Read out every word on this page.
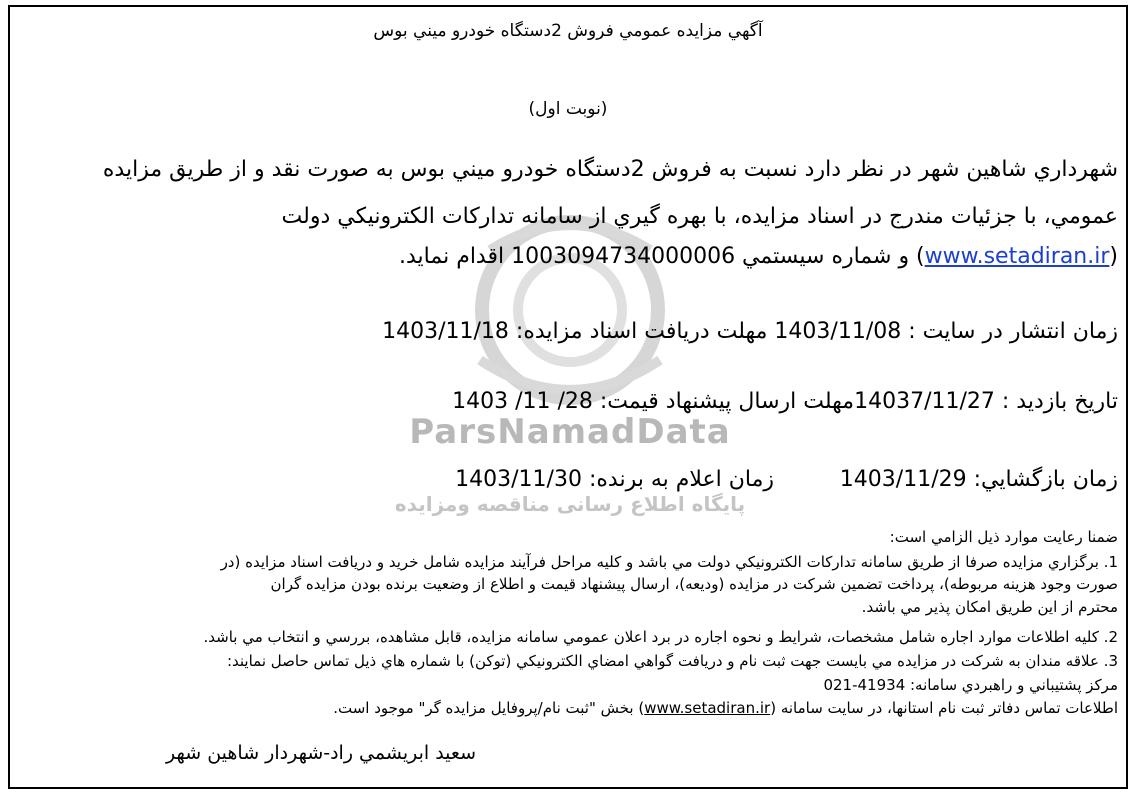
ParsNamadData
پايگاه اطلاع رسانی مناقصه ومزايده
آگهي مزايده عمومي فروش 2دستگاه خودرو ميني بوس
(نوبت اول)
شهرداري شاهين شهر در نظر دارد نسبت به فروش 2دستگاه خودرو ميني بوس به صورت نقد و از طريق مزايده
عمومي، با جزئيات مندرج در اسناد مزايده، با بهره گيري از سامانه تداركات الكترونيكي دولت
(www.setadiran.ir) و شماره سيستمي 1003094734000006 اقدام نمايد.
زمان انتشار در سايت : 1403/11/08 مهلت دريافت اسناد مزايده: 1403/11/18
تاريخ بازديد : 14037/11/27مهلت ارسال پيشنهاد قيمت: 28/ 11/ 1403
زمان بازگشايي: 1403/11/29
زمان اعلام به برنده: 1403/11/30
ضمنا رعايت موارد ذيل الزامي است:
1. برگزاري مزايده صرفا از طريق سامانه تداركات الكترونيكي دولت مي باشد و كليه مراحل فرآيند مزايده شامل خريد و دريافت اسناد مزايده (در
صورت وجود هزينه مربوطه)، پرداخت تضمين شركت در مزايده (وديعه)، ارسال پيشنهاد قيمت و اطلاع از وضعيت برنده بودن مزايده گران
محترم از اين طريق امكان پذير مي باشد.
2. كليه اطلاعات موارد اجاره شامل مشخصات، شرايط و نحوه اجاره در برد اعلان عمومي سامانه مزايده، قابل مشاهده، بررسي و انتخاب مي باشد.
3. علاقه مندان به شركت در مزايده مي بايست جهت ثبت نام و دريافت گواهي امضاي الكترونيكي (توكن) با شماره هاي ذيل تماس حاصل نمايند:
مركز پشتيباني و راهبردي سامانه: 41934-021
اطلاعات تماس دفاتر ثبت نام استانها، در سايت سامانه (www.setadiran.ir) بخش "ثبت نام/پروفايل مزايده گر" موجود است.
سعيد ابريشمي راد-شهردار شاهين شهر
